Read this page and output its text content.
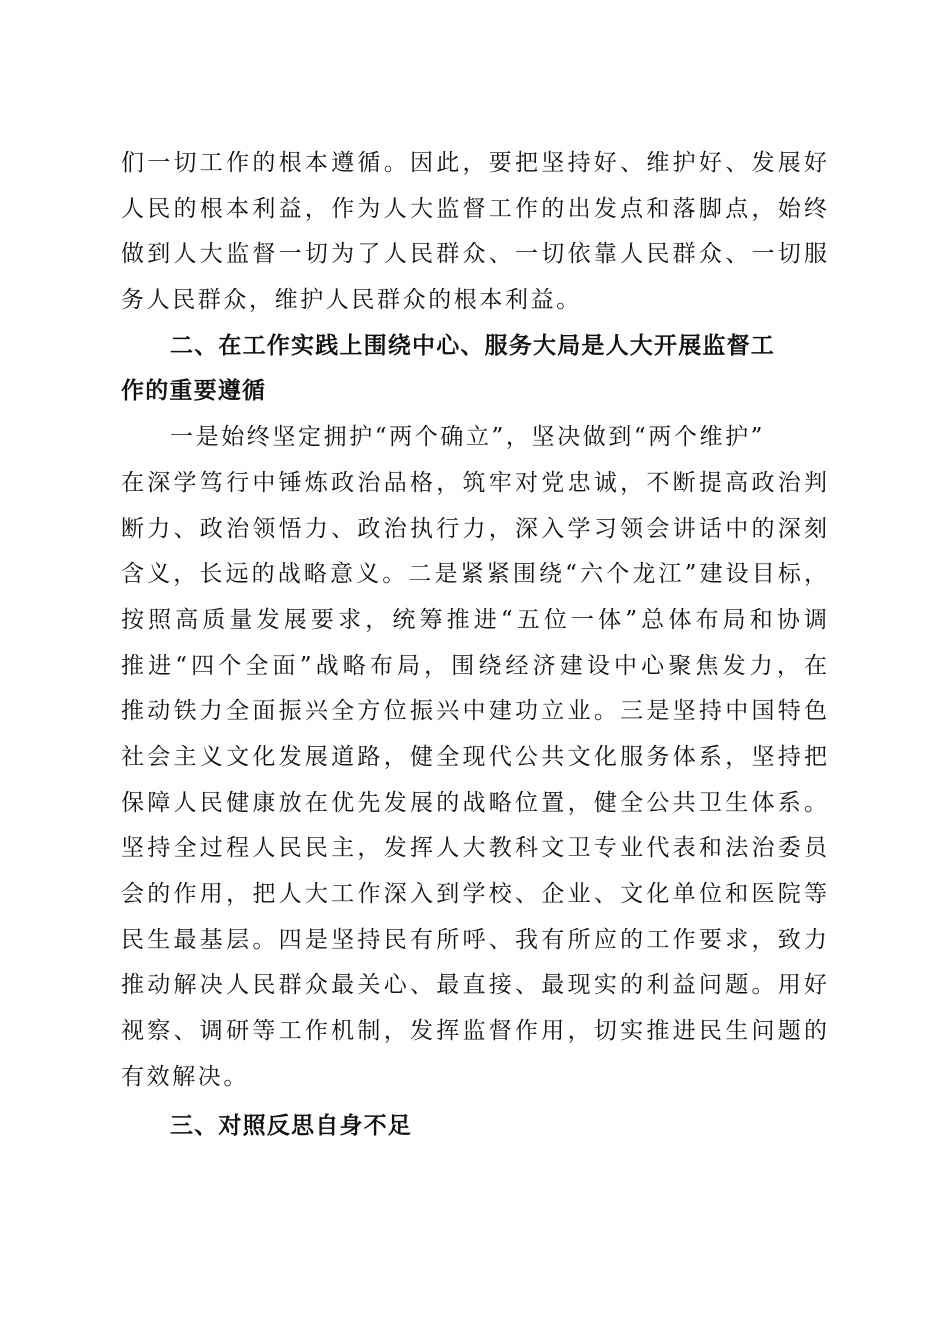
们一切工作的根本遵循。因此，要把坚持好、维护好、发展好
人民的根本利益，作为人大监督工作的出发点和落脚点，始终
做到人大监督一切为了人民群众、一切依靠人民群众、一切服
务人民群众，维护人民群众的根本利益。
二、在工作实践上围绕中心、服务大局是人大开展监督工
作的重要遵循
一是始终坚定拥护“两个确立”，坚决做到“两个维护”
在深学笃行中锤炼政治品格，筑牢对党忠诚，不断提高政治判
断力、政治领悟力、政治执行力，深入学习领会讲话中的深刻
含义，长远的战略意义。二是紧紧围绕“六个龙江”建设目标，
按照高质量发展要求，统筹推进“五位一体”总体布局和协调
推进“四个全面”战略布局，围绕经济建设中心聚焦发力，在
推动铁力全面振兴全方位振兴中建功立业。三是坚持中国特色
社会主义文化发展道路，健全现代公共文化服务体系，坚持把
保障人民健康放在优先发展的战略位置，健全公共卫生体系。
坚持全过程人民民主，发挥人大教科文卫专业代表和法治委员
会的作用，把人大工作深入到学校、企业、文化单位和医院等
民生最基层。四是坚持民有所呼、我有所应的工作要求，致力
推动解决人民群众最关心、最直接、最现实的利益问题。用好
视察、调研等工作机制，发挥监督作用，切实推进民生问题的
有效解决。
三、对照反思自身不足
